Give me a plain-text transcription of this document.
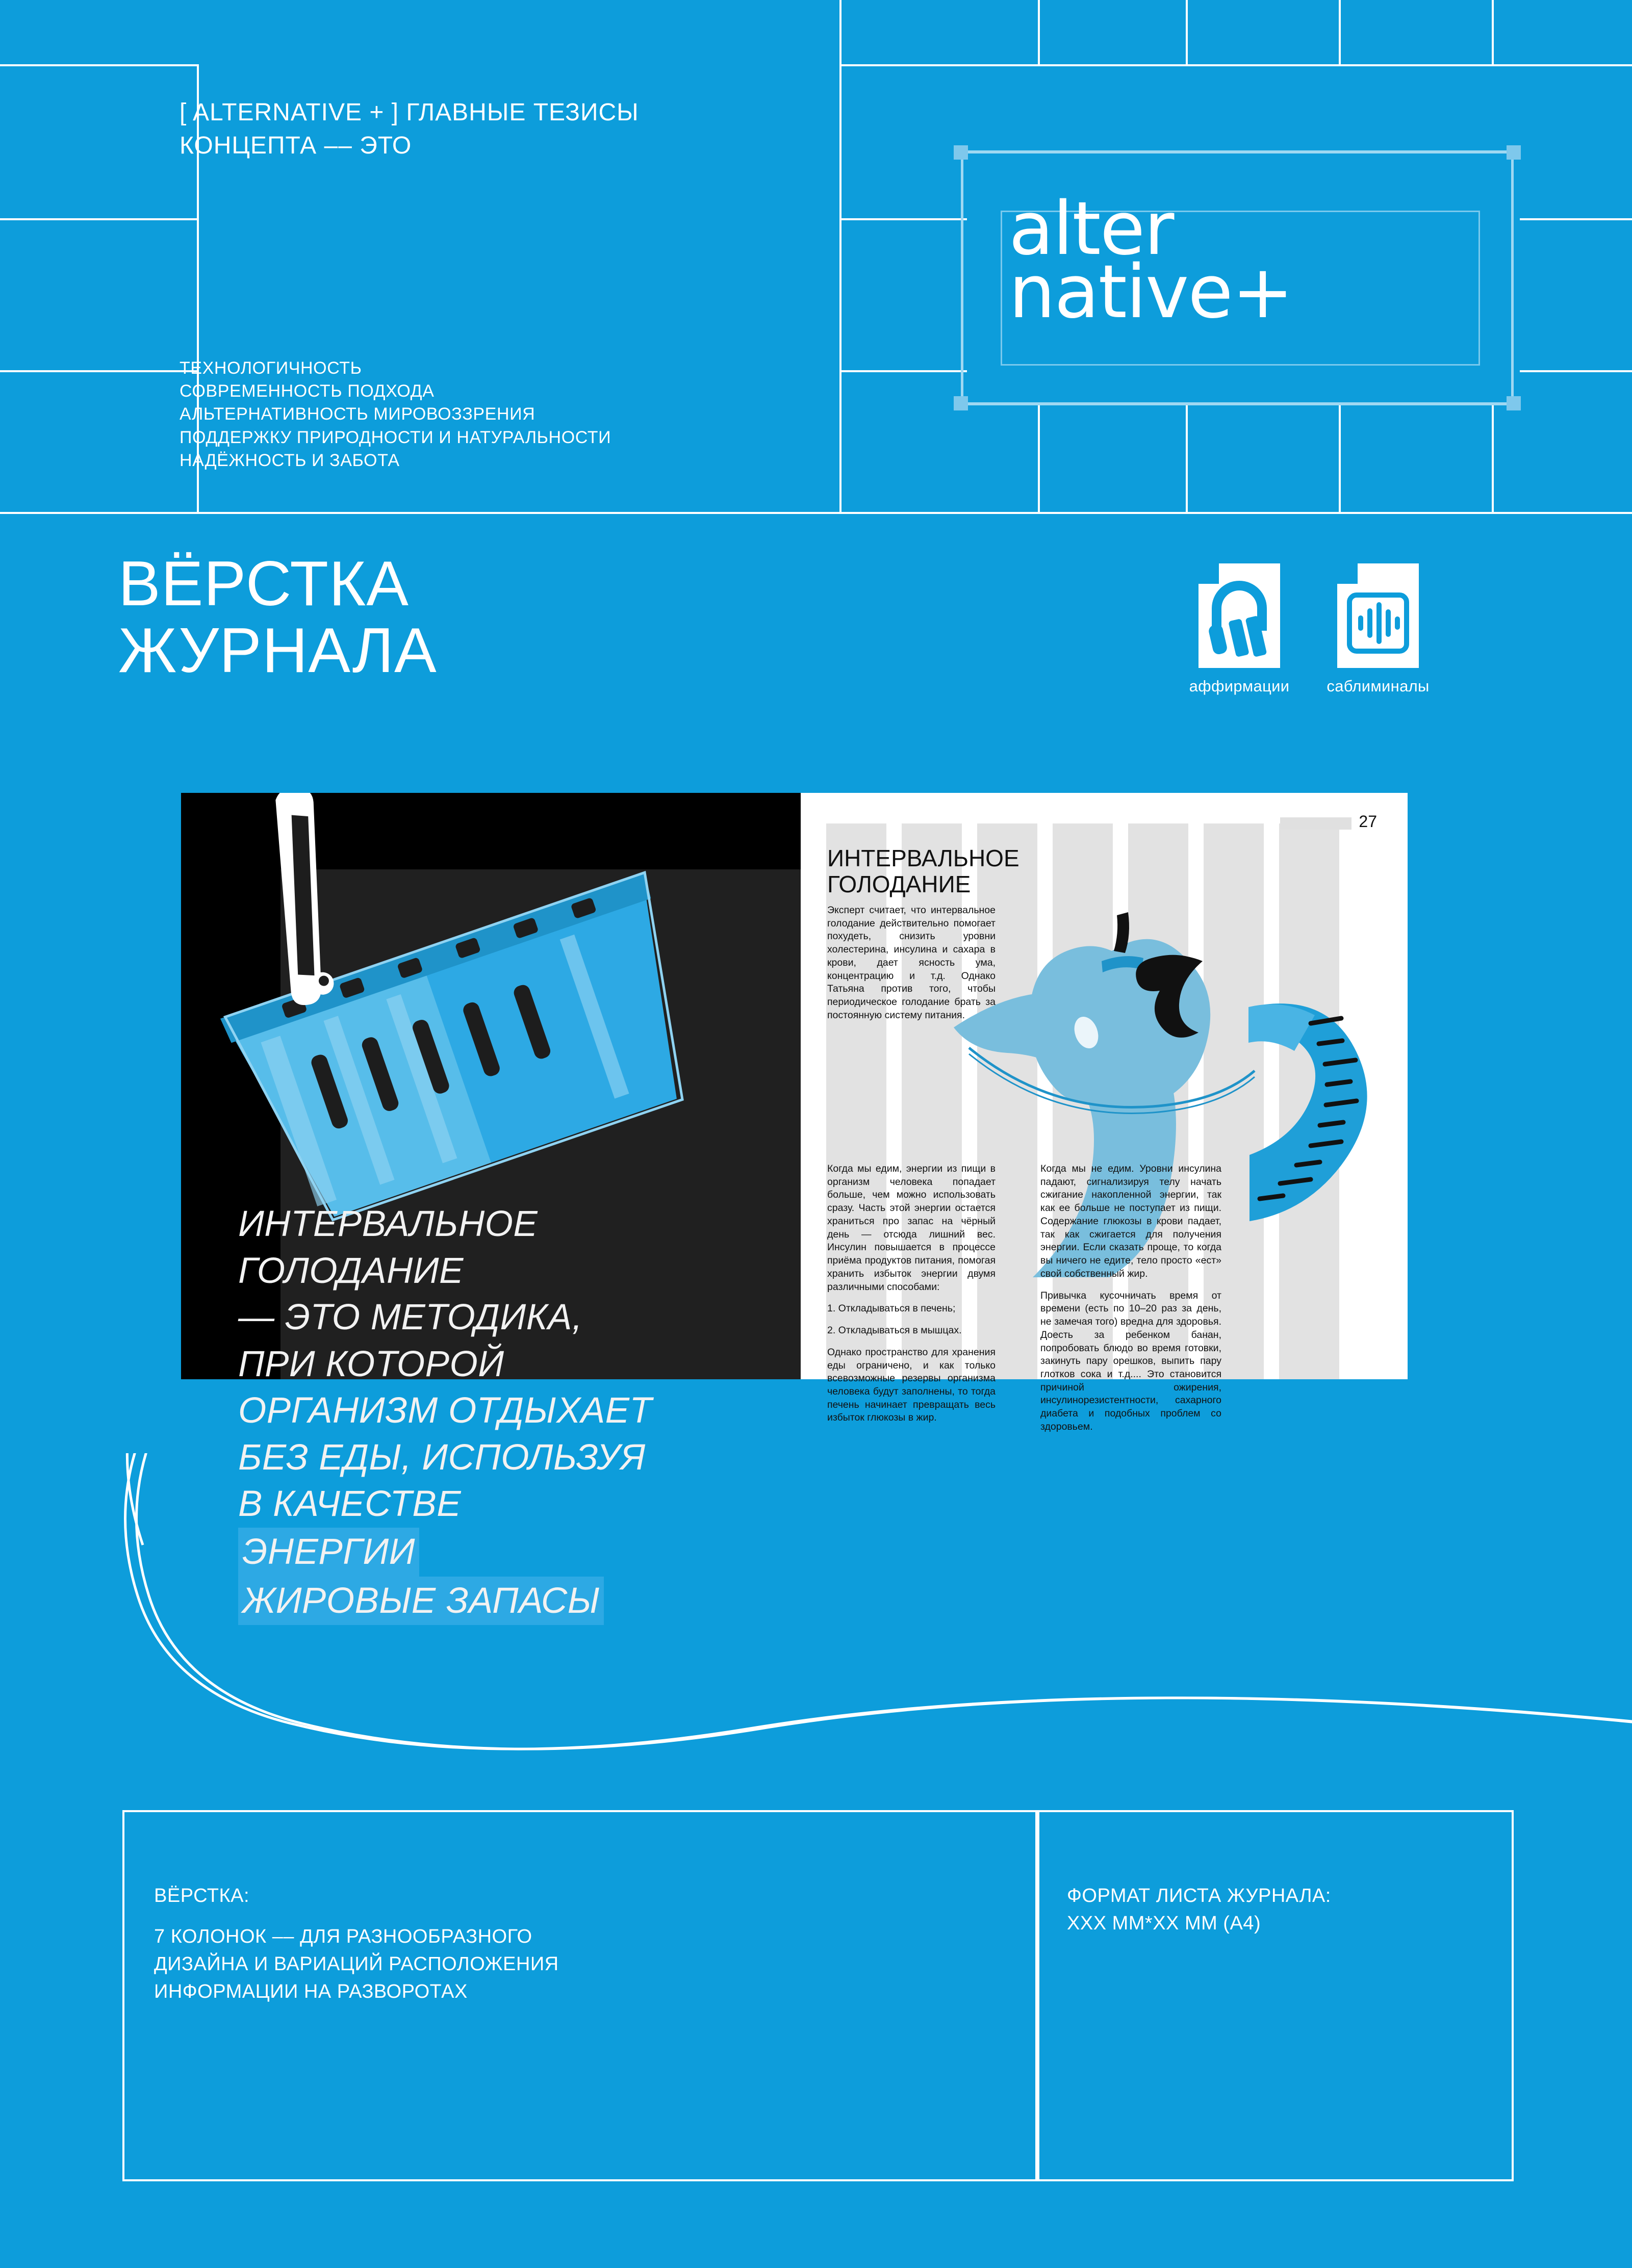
[ ALTERNATIVE + ] ГЛАВНЫЕ ТЕЗИСЫ
КОНЦЕПТА –– ЭТО
ТЕХНОЛОГИЧНОСТЬ
СОВРЕМЕННОСТЬ ПОДХОДА
АЛЬТЕРНАТИВНОСТЬ МИРОВОЗЗРЕНИЯ
ПОДДЕРЖКУ ПРИРОДНОСТИ И НАТУРАЛЬНОСТИ
НАДЁЖНОСТЬ И ЗАБОТА
alter
native+
ВЁРСТКА
ЖУРНАЛА
аффирмации	саблиминалы
ИНТЕРВАЛЬНОЕ
ГОЛОДАНИЕ
— ЭТО МЕТОДИКА,
ПРИ КОТОРОЙ
ОРГАНИЗМ ОТДЫХАЕТ
БЕЗ ЕДЫ, ИСПОЛЬЗУЯ
В КАЧЕСТВЕ
ЭНЕРГИИ
ЖИРОВЫЕ ЗАПАСЫ
27
ИНТЕРВАЛЬНОЕ
ГОЛОДАНИЕ
Эксперт считает, что интервальное голодание действительно помогает похудеть, снизить уровни холестерина, инсулина и сахара в крови, дает ясность ума, концентрацию и т.д. Однако Татьяна против того, чтобы периодическое голодание брать за постоянную систему питания.

Когда мы едим, энергии из пищи в организм человека попадает больше, чем можно использовать сразу. Часть этой энергии остается храниться про запас на чёрный день — отсюда лишний вес. Инсулин повышается в процессе приёма продуктов питания, помогая хранить избыток энергии двумя различными способами:

1. Откладываться в печень;

2. Откладываться в мышцах.

Однако пространство для хранения еды ограничено, и как только всевозможные резервы организма человека будут заполнены, то тогда печень начинает превращать весь избыток глюкозы в жир.

Когда мы не едим. Уровни инсулина падают, сигнализируя телу начать сжигание накопленной энергии, так как ее больше не поступает из пищи. Содержание глюкозы в крови падает, так как сжигается для получения энергии. Если сказать проще, то когда вы ничего не едите, тело просто «ест» свой собственный жир.

Привычка кусочничать время от времени (есть по 10–20 раз за день, не замечая того) вредна для здоровья. Доесть за ребенком банан, попробовать блюдо во время готовки, закинуть пару орешков, выпить пару глотков сока и т.д.... Это становится причиной ожирения, инсулинорезистентности, сахарного диабета и подобных проблем со здоровьем.

ВЁРСТКА:
7 КОЛОНОК –– ДЛЯ РАЗНООБРАЗНОГО
ДИЗАЙНА И ВАРИАЦИЙ РАСПОЛОЖЕНИЯ
ИНФОРМАЦИИ НА РАЗВОРОТАХ
ФОРМАТ ЛИСТА ЖУРНАЛА:
ХХХ ММ*ХХ ММ (А4)
